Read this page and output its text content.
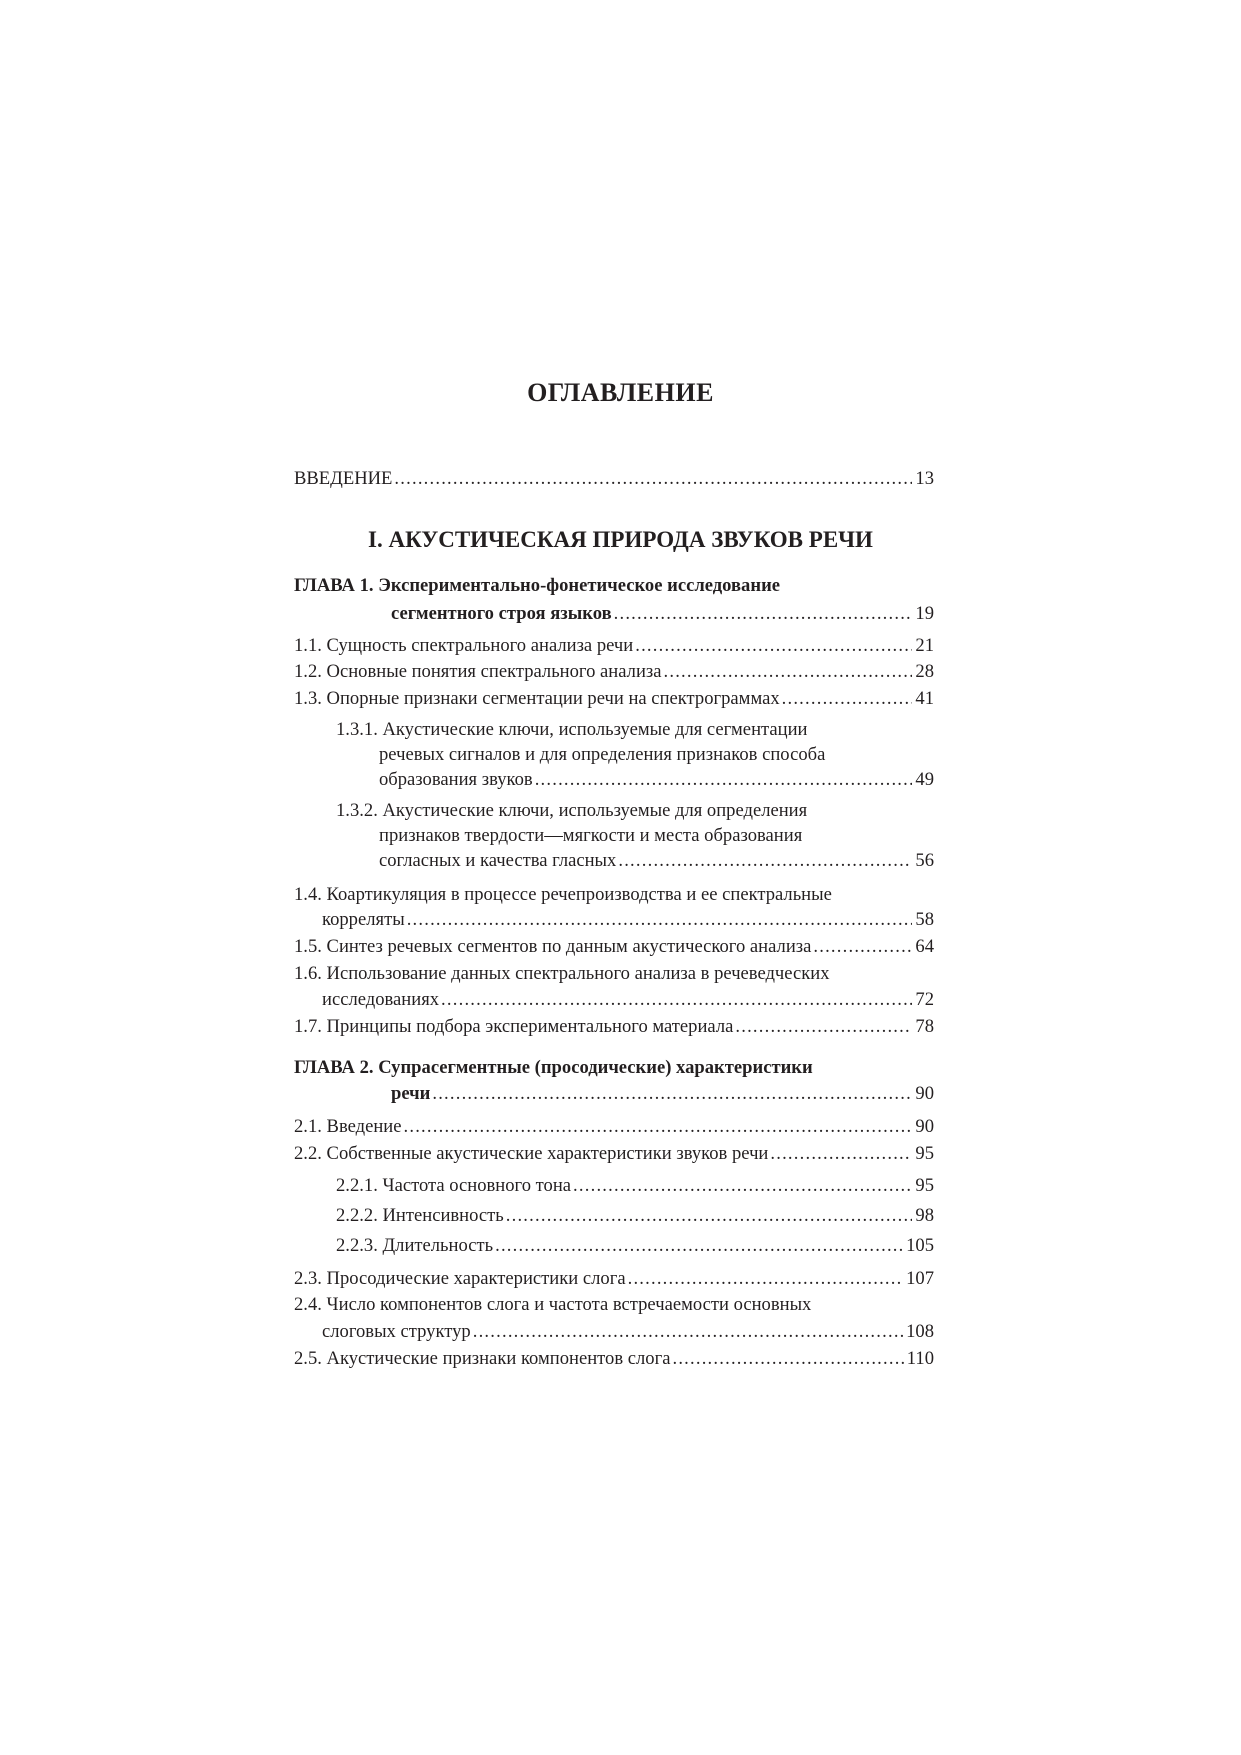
ОГЛАВЛЕНИЕ
ВВЕДЕНИЕ .....	13
I. АКУСТИЧЕСКАЯ ПРИРОДА ЗВУКОВ РЕЧИ
ГЛАВА 1. Экспериментально-фонетическое исследование
сегментного строя языков .....	19
1.1. Сущность спектрального анализа речи .....	21
1.2. Основные понятия спектрального анализа .....	28
1.3. Опорные признаки сегментации речи на спектрограммах .....	41
1.3.1. Акустические ключи, используемые для сегментации
речевых сигналов и для определения признаков способа
образования звуков .....	49
1.3.2. Акустические ключи, используемые для определения
признаков твердости—мягкости и места образования
согласных и качества гласных .....	56
1.4. Коартикуляция в процессе речепроизводства и ее спектральные
корреляты .....	58
1.5. Синтез речевых сегментов по данным акустического анализа .....	64
1.6. Использование данных спектрального анализа в речеведческих
исследованиях .....	72
1.7. Принципы подбора экспериментального материала .....	78
ГЛАВА 2. Супрасегментные (просодические) характеристики
речи .....	90
2.1. Введение .....	90
2.2. Собственные акустические характеристики звуков речи .....	95
2.2.1. Частота основного тона .....	95
2.2.2. Интенсивность .....	98
2.2.3. Длительность .....	105
2.3. Просодические характеристики слога .....	107
2.4. Число компонентов слога и частота встречаемости основных
слоговых структур .....	108
2.5. Акустические признаки компонентов слога .....	110
